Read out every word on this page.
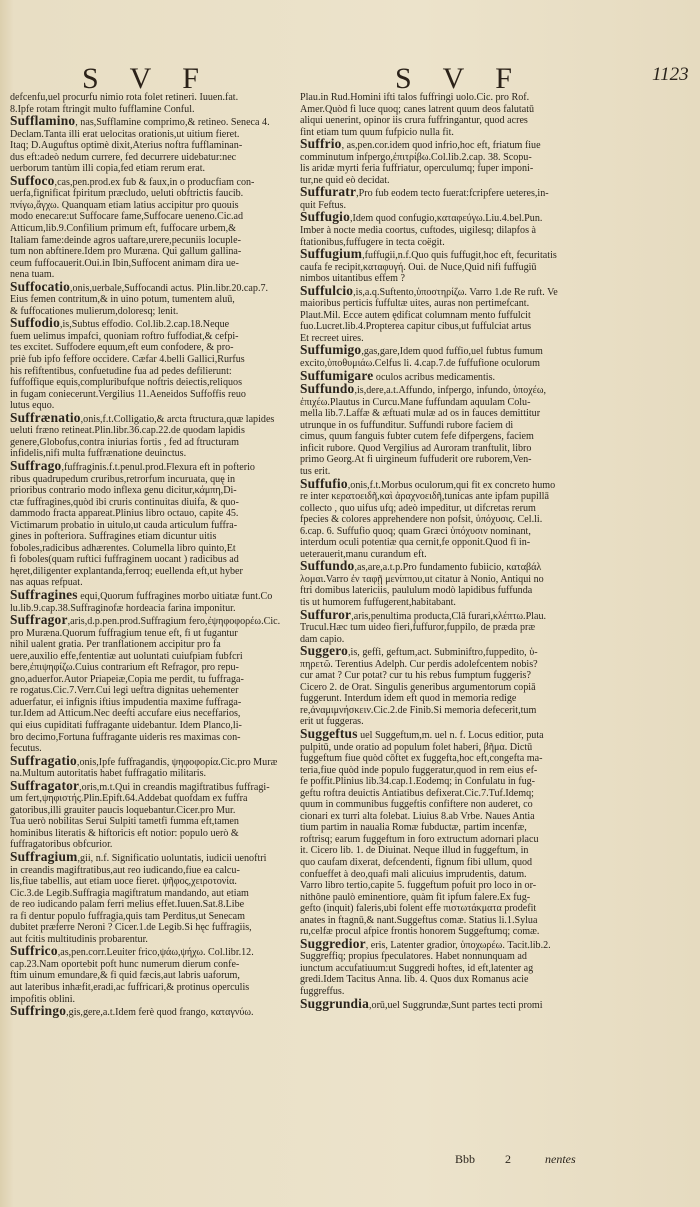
S V F	S V F	1123

defcenfu,uel procurfu nimio rota folet retineri. Iuuen.fat.

8.Ipfe rotam ftringit multo fufflamine Conful.

Sufflamino, nas,Sufflamine comprimo,& retineo. Seneca 4.

Declam.Tanta illi erat uelocitas orationis,ut uitium fieret.

Itaq; D.Auguftus optimè dixit,Aterius noftra fufflaminan-

dus eft:adeò nedum currere, fed decurrere uidebatur:nec

uerborum tantùm illi copia,fed etiam rerum erat.

Suffoco,cas,pen.prod.ex fub & faux,in o producfiam con-

uerfa,fignificat fpiritum præcludo, ueluti obftrictis faucib.

πνίγω,ἄγχω. Quanquam etiam latius accipitur pro quouis

modo enecare:ut Suffocare fame,Suffocare ueneno.Cic.ad

Atticum,lib.9.Confilium primum eft, fuffocare urbem,&

Italiam fame:deinde agros uaftare,urere,pecuniis locuple-

tum non abftinere.Idem pro Muræna. Qui gallum gallina-

ceum fuffocauerit.Oui.in Ibin,Suffocent animam dira ue-

nena tuam.

Suffocatio,onis,uerbale,Suffocandi actus. Plin.libr.20.cap.7.

Eius femen contritum,& in uino potum, tumentem aluū,

& fuffocationes mulierum,doloresq; lenit.

Suffodio,is,Subtus effodio. Col.lib.2.cap.18.Neque

fuem uelimus impafci, quoniam roftro fuffodiat,& cefpi-

tes excitet. Suffodere equum,eft eum confodere, & pro-

priè fub ipfo feffore occidere. Cæfar 4.belli Gallici,Rurfus

his refiftentibus, confuetudine fua ad pedes defilierunt:

fuffoffique equis,compluribufque noftris deiectis,reliquos

in fugam coniecerunt.Vergilius 11.Aeneidos Suffoffis reuo

lutus equo.

Suffrænatio,onis,f.t.Colligatio,& arcta ftructura,quæ lapides

ueluti fræno retineat.Plin.libr.36.cap.22.de quodam lapidis

genere,Globofus,contra iniurias fortis , fed ad ftructuram

infidelis,nifi multa fuffrænatione deuinctus.

Suffrago,fuffraginis.f.t.penul.prod.Flexura eft in pofterio

ribus quadrupedum cruribus,retrorfum incuruata, quę in

prioribus contrario modo inflexa genu dicitur,κάμπη,Di-

ctæ fuffragines,quòd ibi cruris continuitas diuifa, & quo-

dammodo fracta appareat.Plinius libro octauo, capite 45.

Victimarum probatio in uitulo,ut cauda articulum fuffra-

gines in pofteriora. Suffragines etiam dicuntur uitis

foboles,radicibus adhærentes. Columella libro quinto,Et

fi foboles(quam ruftici fuffraginem uocant ) radicibus ad

hęret,diligenter explantanda,ferroq; euellenda eft,ut hyber

nas aquas refpuat.

Suffragines equi,Quorum fuffragines morbo uitiatæ funt.Co

lu.lib.9.cap.38.Suffraginofæ hordeacia farina imponitur.

Suffragor,aris,d.p.pen.prod.Suffragium fero,ἐψηφοφορέω.Cic.

pro Muræna.Quorum fuffragium tenue eft, fi ut fugantur

nihil ualent gratia. Per tranflationem accipitur pro fa

uere,auxilio effe,fententiæ aut uoluntati cuiufpiam fubfcri

bere,ἐπιψηφίζω.Cuius contrarium eft Refragor, pro repu-

gno,aduerfor.Autor Priapeiæ,Copia me perdit, tu fuffraga-

re rogatus.Cic.7.Verr.Cui legi ueftra dignitas uehementer

aduerfatur, ei infignis iftius impudentia maxime fuffraga-

tur.Idem ad Atticum.Nec deefti accufare eius neceffarios,

qui eius cupiditati fuffragante uidebantur. Idem Planco,li-

bro decimo,Fortuna fuffragante uideris res maximas con-

fecutus.

Suffragatio,onis,Ipfe fuffragandis, ψηφοφορία.Cic.pro Muræ

na.Multum autoritatis habet fuffragatio militaris.

Suffragator,oris,m.t.Qui in creandis magiftratibus fuffragi-

um fert,ψηφιστής.Plin.Epift.64.Addebat quofdam ex fuffra

gatoribus,illi grauiter paucis loquebantur.Cicer.pro Mur.

Tua uerò nobilitas Serui Sulpiti tametfi fumma eft,tamen

hominibus literatis & hiftoricis eft notior: populo uerò &

fuffragatoribus obfcurior.

Suffragium,gii, n.f. Significatio uoluntatis, iudicii uenoftri

in creandis magiftratibus,aut reo iudicando,fiue ea calcu-

lis,fiue tabellis, aut etiam uoce fieret. ψῆφος,χειροτονία.

Cic.3.de Legib.Suffragia magiftratum mandando, aut etiam

de reo iudicando palam ferri melius effet.Iuuen.Sat.8.Libe

ra fi dentur populo fuffragia,quis tam Perditus,ut Senecam

dubitet præferre Neroni ? Cicer.1.de Legib.Si hęc fuffragiis,

aut fcitis multitudinis probarentur.

Suffrico,as,pen.corr.Leuiter frico,ψάω,ψήχω. Col.libr.12.

cap.23.Nam oportebit poft hunc numerum dierum confe-

ftim uinum emundare,& fi quid fæcis,aut labris uaforum,

aut lateribus inhæfit,eradi,ac fuffricari,& protinus operculis

impofitis oblini.

Suffringo,gis,gere,a.t.Idem ferè quod frango, καταγνύω.

Plau.in Rud.Homini ifti talos fuffringi uolo.Cic. pro Rof.

Amer.Quòd fi luce quoq; canes latrent quum deos falutatū

aliqui uenerint, opinor iis crura fuffringantur, quod acres

fint etiam tum quum fufpicio nulla fit.

Suffrio, as,pen.cor.idem quod infrio,hoc eft, friatum fiue

comminutum infpergo,ἐπιτρίβω.Col.lib.2.cap. 38. Scopu-

lis aridæ myrti feria fuffriatur, operculumq; fuper imponi-

tur,ne quid eò decidat.

Suffuratr,Pro fub eodem tecto fuerat:fcripfere ueteres,in-

quit Feftus.

Suffugio,Idem quod confugio,καταφεύγω.Liu.4.bel.Pun.

Imber à nocte media coortus, cuftodes, uigilesq; dilapfos à

ftationibus,fuffugere in tecta coëgit.

Suffugium,fuffugii,n.f.Quo quis fuffugit,hoc eft, fecuritatis

caufa fe recipit,καταφυγή. Oui. de Nuce,Quid nifi fuffugiū

nimbos uitantibus effem ?

Suffulcio,is,a.q.Suftento,ὑποστηρίζω. Varro 1.de Re ruft. Ve

maioribus perticis fuffultæ uites, auras non pertimefcant.

Plaut.Mil. Ecce autem ędificat columnam mento fuffulcit

fuo.Lucret.lib.4.Propterea capitur cibus,ut fuffulciat artus

Et recreet uires.

Suffumigo,gas,gare,Idem quod fuffio,uel fubtus fumum

excito,ὑποθυμιάω.Celfus li. 4.cap.7.de fuffufione oculorum

Suffumigare oculos acribus medicamentis.

Suffundo,is,dere,a.t.Affundo, infpergo, infundo, ὑποχέω,

ἐπιχέω.Plautus in Curcu.Mane fuffundam aquulam Colu-

mella lib.7.Laffæ & æftuati mulæ ad os in fauces demittitur

utrunque in os fuffunditur. Suffundi rubore faciem di

cimus, quum fanguis fubter cutem fefe difpergens, faciem

inficit rubore. Quod Vergilius ad Auroram tranftulit, libro

primo Georg.At fi uirgineum fuffuderit ore ruborem,Ven-

tus erit.

Suffufio,onis,f.t.Morbus oculorum,qui fit ex concreto humo

re inter κερατοειδῆ,καὶ ἀραχνοειδῆ,tunicas ante ipfam pupillā

collecto , quo uifus ufq; adeò impeditur, ut difcretas rerum

fpecies & colores apprehendere non pofsit, ὑπόχυσις. Cel.li.

6.cap. 6. Suffufio quoq; quam Græci ὑπόχυσιν nominant,

interdum oculi potentiæ qua cernit,fe opponit.Quod fi in-

ueterauerit,manu curandum eft.

Suffundo,as,are,a.t.p.Pro fundamento fubiicio, καταβάλ

λομαι.Varro ἐν ταφῇ μενίππου,ut citatur à Nonio, Antiqui no

ftri domibus latericiis, paululum modò lapidibus fuffunda

tis ut humorem fuffugerent,habitabant.

Suffuror,aris,penultima producta,Clā furari,κλέπτω.Plau.

Trucul.Hæc tum uideo fieri,fuffuror,fuppilo, de præda præ

dam capio.

Suggero,is, geffi, geftum,act. Subminiftro,fuppedito, ὑ-

πηρετῶ. Terentius Adelph. Cur perdis adolefcentem nobis?

cur amat ? Cur potat? cur tu his rebus fumptum fuggeris?

Cicero 2. de Orat. Singulis generibus argumentorum copiā

fuggerunt. Interdum idem eft quod in memoria redige

re,ἀναμιμνήσκειν.Cic.2.de Finib.Si memoria defecerit,tum

erit ut fuggeras.

Suggeftus uel Suggeftum,m. uel n. f. Locus editior, puta

pulpitū, unde oratio ad populum folet haberi, βῆμα. Dictū

fuggeftum fiue quòd cōftet ex fuggefta,hoc eft,congefta ma-

teria,fiue quòd inde populo fuggeratur,quod in rem eius ef-

fe poffit.Plinius lib.34.cap.1.Eodemq; in Confulatu in fug-

geftu roftra deuictis Antiatibus defixerat.Cic.7.Tuf.Idemq;

quum in communibus fuggeftis confiftere non auderet, co

cionari ex turri alta folebat. Liuius 8.ab Vrbe. Naues Antia

tium partim in naualia Romæ fubductæ, partim incenfæ,

roftrisq; earum fuggeftum in foro extructum adornari placu

it. Cicero lib. 1. de Diuinat. Neque illud in fuggeftum, in

quo caufam dixerat, defcendenti, fignum fibi ullum, quod

confueffet à deo,quafi mali alicuius imprudentis, datum.

Varro libro tertio,capite 5. fuggeftum pofuit pro loco in or-

nithône paulò eminentiore, quàm fit ipfum falere.Ex fug-

gefto (inquit) faleris,ubi folent effe πιστωτάκματα prodefit

anates in ftagnū,& nant.Suggeftus comæ. Statius li.1.Sylua

ru,celfæ procul afpice frontis honorem Suggeftumq; comæ.

Suggredior, eris, Latenter gradior, ὑποχωρέω. Tacit.lib.2.

Suggreffiq; propius fpeculatores. Habet nonnunquam ad

iunctum accufatiuum:ut Suggredi hoftes, id eft,latenter ag

gredi.Idem Tacitus Anna. lib. 4. Quos dux Romanus acie

fuggreffus.

Suggrundia,orū,uel Suggrundæ,Sunt partes tecti promi

Bbb 2	nentes
